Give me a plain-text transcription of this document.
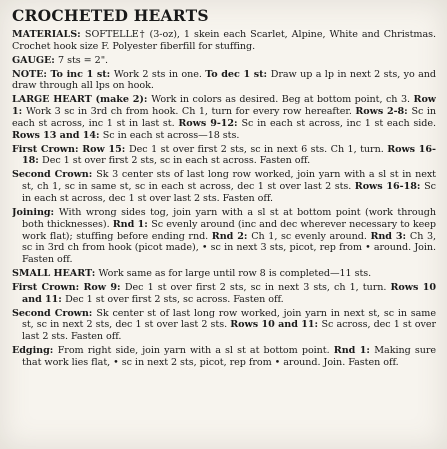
CROCHETED HEARTS
MATERIALS: SOFTELLE† (3-oz), 1 skein each Scarlet, Alpine, White and Christmas. Crochet hook size F. Polyester fiberfill for stuffing.
GAUGE: 7 sts = 2".
NOTE: To inc 1 st: Work 2 sts in one. To dec 1 st: Draw up a lp in next 2 sts, yo and draw through all lps on hook.
LARGE HEART (make 2): Work in colors as desired. Beg at bottom point, ch 3. Row 1: Work 3 sc in 3rd ch from hook. Ch 1, turn for every row hereafter. Rows 2-8: Sc in each st across, inc 1 st in last st. Rows 9-12: Sc in each st across, inc 1 st each side. Rows 13 and 14: Sc in each st across—18 sts.
First Crown: Row 15: Dec 1 st over first 2 sts, sc in next 6 sts. Ch 1, turn. Rows 16-18: Dec 1 st over first 2 sts, sc in each st across. Fasten off.
Second Crown: Sk 3 center sts of last long row worked, join yarn with a sl st in next st, ch 1, sc in same st, sc in each st across, dec 1 st over last 2 sts. Rows 16-18: Sc in each st across, dec 1 st over last 2 sts. Fasten off.
Joining: With wrong sides tog, join yarn with a sl st at bottom point (work through both thicknesses). Rnd 1: Sc evenly around (inc and dec wherever necessary to keep work flat); stuffing before ending rnd. Rnd 2: Ch 1, sc evenly around. Rnd 3: Ch 3, sc in 3rd ch from hook (picot made), • sc in next 3 sts, picot, rep from • around. Join. Fasten off.
SMALL HEART: Work same as for large until row 8 is completed—11 sts.
First Crown: Row 9: Dec 1 st over first 2 sts, sc in next 3 sts, ch 1, turn. Rows 10 and 11: Dec 1 st over first 2 sts, sc across. Fasten off.
Second Crown: Sk center st of last long row worked, join yarn in next st, sc in same st, sc in next 2 sts, dec 1 st over last 2 sts. Rows 10 and 11: Sc across, dec 1 st over last 2 sts. Fasten off.
Edging: From right side, join yarn with a sl st at bottom point. Rnd 1: Making sure that work lies flat, • sc in next 2 sts, picot, rep from • around. Join. Fasten off.
